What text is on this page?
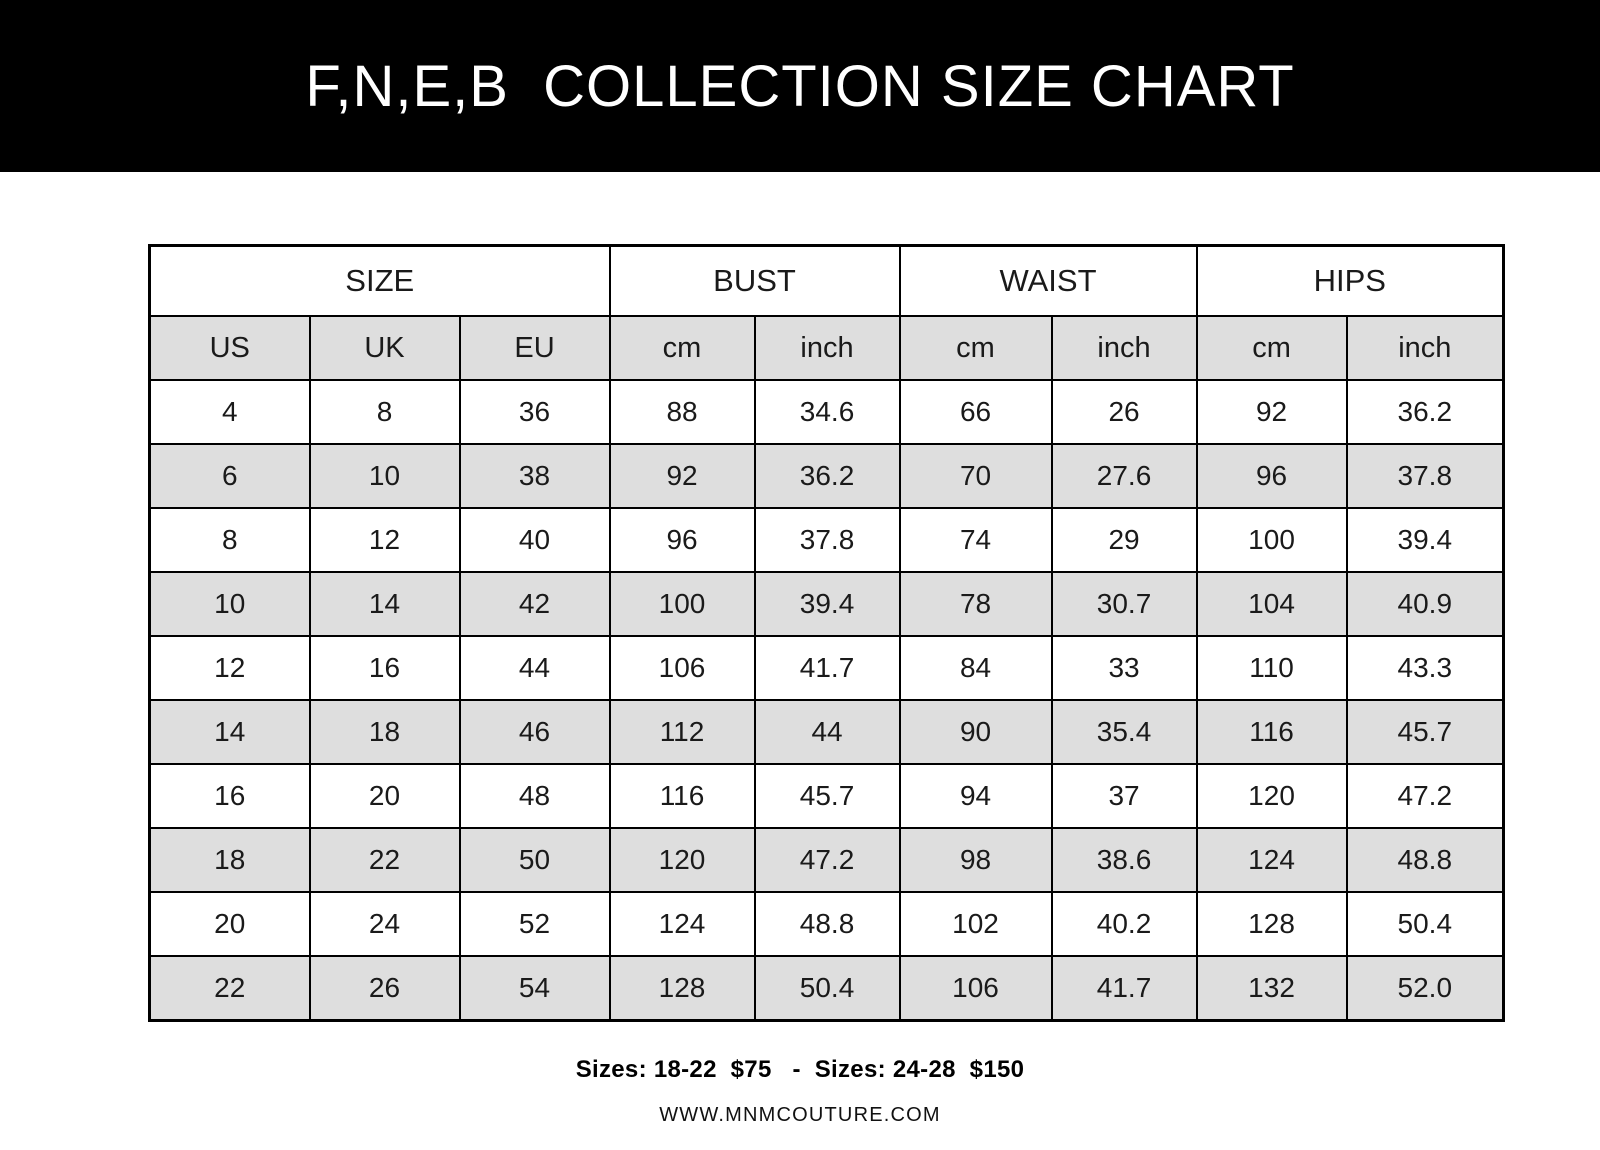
F,N,E,B  COLLECTION SIZE CHART
SIZE			BUST		WAIST		HIPS	
US	UK	EU	cm	inch	cm	inch	cm	inch
4	8	36	88	34.6	66	26	92	36.2
6	10	38	92	36.2	70	27.6	96	37.8
8	12	40	96	37.8	74	29	100	39.4
10	14	42	100	39.4	78	30.7	104	40.9
12	16	44	106	41.7	84	33	110	43.3
14	18	46	112	44	90	35.4	116	45.7
16	20	48	116	45.7	94	37	120	47.2
18	22	50	120	47.2	98	38.6	124	48.8
20	24	52	124	48.8	102	40.2	128	50.4
22	26	54	128	50.4	106	41.7	132	52.0
Sizes: 18-22  $75   -  Sizes: 24-28  $150
WWW.MNMCOUTURE.COM
